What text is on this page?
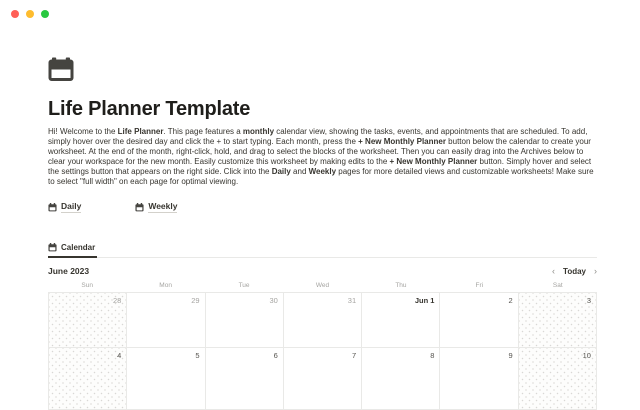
Life Planner Template

Hi! Welcome to the Life Planner. This page features a monthly calendar view, showing the tasks, events, and appointments that are scheduled. To add, simply hover over the desired day and click the + to start typing. Each month, press the + New Monthly Planner button below the calendar to create your worksheet. At the end of the month, right-click, hold, and drag to select the blocks of the worksheet. Then you can easily drag into the Archives below to clear your workspace for the new month. Easily customize this worksheet by making edits to the + New Monthly Planner button. Simply hover and select the settings button that appears on the right side. Click into the Daily and Weekly pages for more detailed views and customizable worksheets! Make sure to select "full width" on each page for optimal viewing.

Daily	Weekly
Calendar
June 2023	‹ Today ›
Sun	Mon	Tue	Wed	Thu	Fri	Sat
28	29	30	31	Jun 1	2	3
4	5	6	7	8	9	10
